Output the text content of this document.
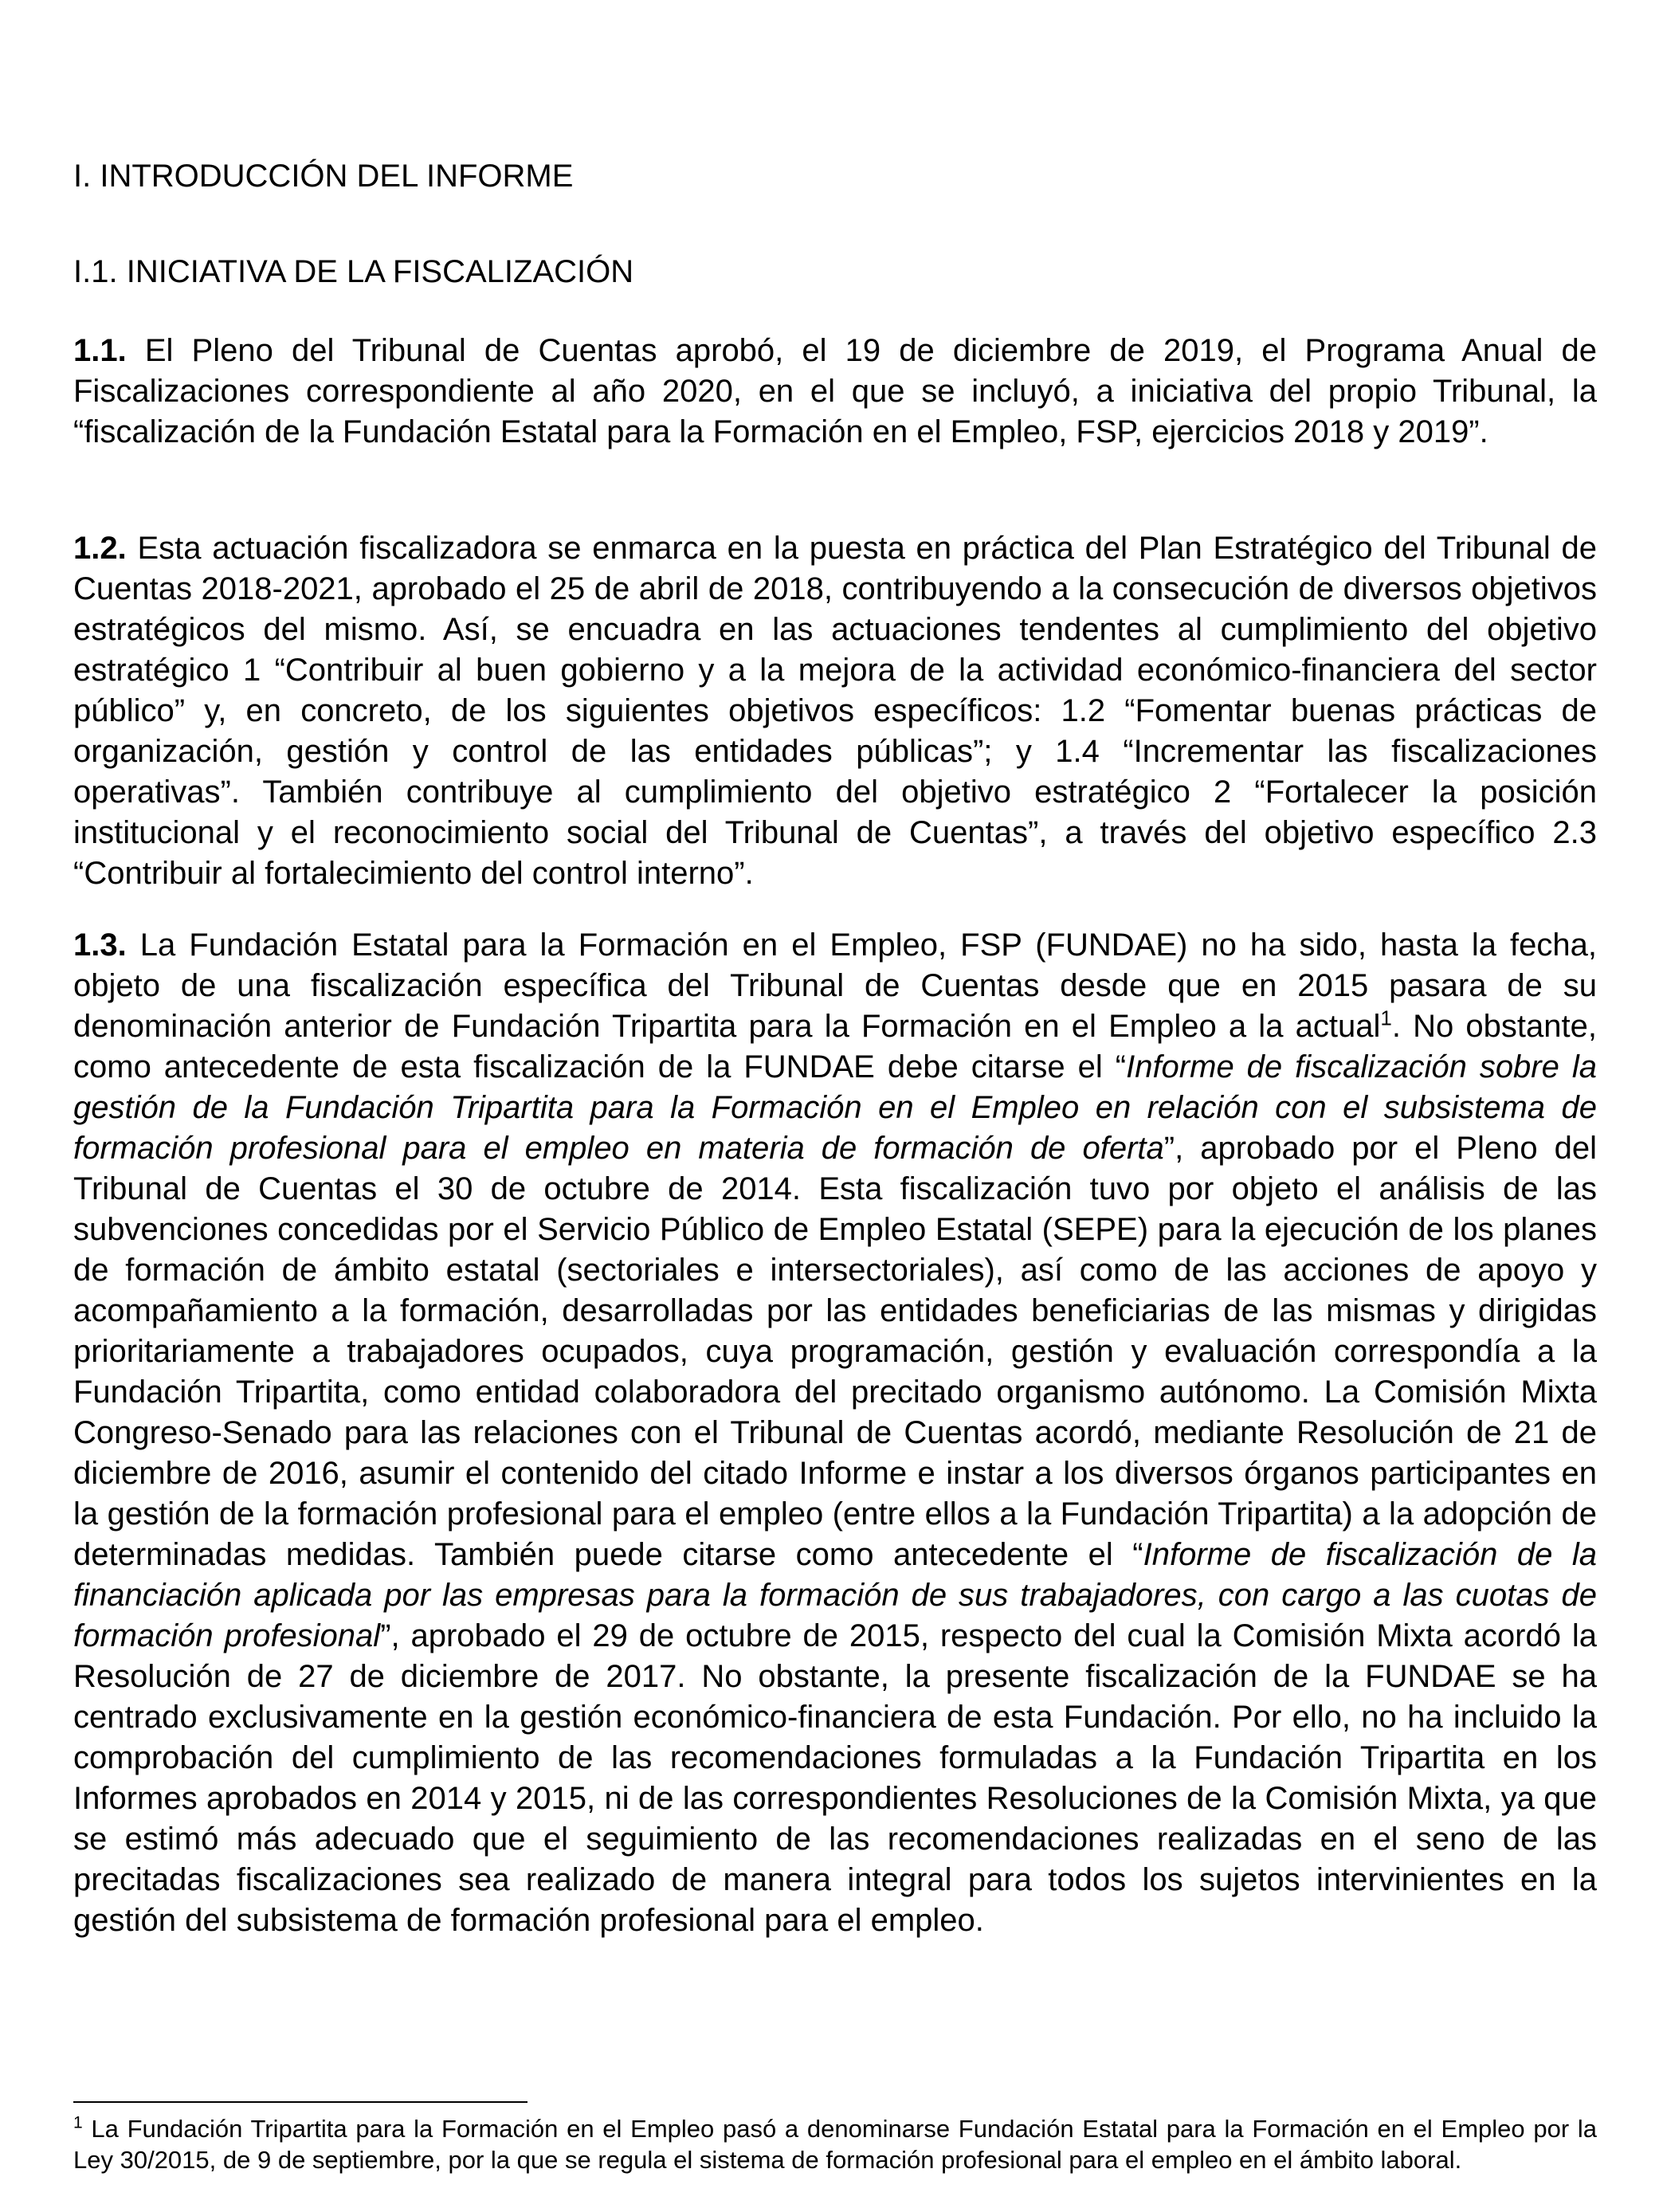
I. INTRODUCCIÓN DEL INFORME
I.1. INICIATIVA DE LA FISCALIZACIÓN

1.1. El Pleno del Tribunal de Cuentas aprobó, el 19 de diciembre de 2019, el Programa Anual de Fiscalizaciones correspondiente al año 2020, en el que se incluyó, a iniciativa del propio Tribunal, la “fiscalización de la Fundación Estatal para la Formación en el Empleo, FSP, ejercicios 2018 y 2019”.

1.2. Esta actuación fiscalizadora se enmarca en la puesta en práctica del Plan Estratégico del Tribunal de Cuentas 2018-2021, aprobado el 25 de abril de 2018, contribuyendo a la consecución de diversos objetivos estratégicos del mismo. Así, se encuadra en las actuaciones tendentes al cumplimiento del objetivo estratégico 1 “Contribuir al buen gobierno y a la mejora de la actividad económico-financiera del sector público” y, en concreto, de los siguientes objetivos específicos: 1.2 “Fomentar buenas prácticas de organización, gestión y control de las entidades públicas”; y 1.4 “Incrementar las fiscalizaciones operativas”. También contribuye al cumplimiento del objetivo estratégico 2 “Fortalecer la posición institucional y el reconocimiento social del Tribunal de Cuentas”, a través del objetivo específico 2.3 “Contribuir al fortalecimiento del control interno”.

1.3. La Fundación Estatal para la Formación en el Empleo, FSP (FUNDAE) no ha sido, hasta la fecha, objeto de una fiscalización específica del Tribunal de Cuentas desde que en 2015 pasara de su denominación anterior de Fundación Tripartita para la Formación en el Empleo a la actual$^1$. No obstante, como antecedente de esta fiscalización de la FUNDAE debe citarse el “Informe de fiscalización sobre la gestión de la Fundación Tripartita para la Formación en el Empleo en relación con el subsistema de formación profesional para el empleo en materia de formación de oferta”, aprobado por el Pleno del Tribunal de Cuentas el 30 de octubre de 2014. Esta fiscalización tuvo por objeto el análisis de las subvenciones concedidas por el Servicio Público de Empleo Estatal (SEPE) para la ejecución de los planes de formación de ámbito estatal (sectoriales e intersectoriales), así como de las acciones de apoyo y acompañamiento a la formación, desarrolladas por las entidades beneficiarias de las mismas y dirigidas prioritariamente a trabajadores ocupados, cuya programación, gestión y evaluación correspondía a la Fundación Tripartita, como entidad colaboradora del precitado organismo autónomo. La Comisión Mixta Congreso-Senado para las relaciones con el Tribunal de Cuentas acordó, mediante Resolución de 21 de diciembre de 2016, asumir el contenido del citado Informe e instar a los diversos órganos participantes en la gestión de la formación profesional para el empleo (entre ellos a la Fundación Tripartita) a la adopción de determinadas medidas. También puede citarse como antecedente el “Informe de fiscalización de la financiación aplicada por las empresas para la formación de sus trabajadores, con cargo a las cuotas de formación profesional”, aprobado el 29 de octubre de 2015, respecto del cual la Comisión Mixta acordó la Resolución de 27 de diciembre de 2017. No obstante, la presente fiscalización de la FUNDAE se ha centrado exclusivamente en la gestión económico-financiera de esta Fundación. Por ello, no ha incluido la comprobación del cumplimiento de las recomendaciones formuladas a la Fundación Tripartita en los Informes aprobados en 2014 y 2015, ni de las correspondientes Resoluciones de la Comisión Mixta, ya que se estimó más adecuado que el seguimiento de las recomendaciones realizadas en el seno de las precitadas fiscalizaciones sea realizado de manera integral para todos los sujetos intervinientes en la gestión del subsistema de formación profesional para el empleo.

$^1$ La Fundación Tripartita para la Formación en el Empleo pasó a denominarse Fundación Estatal para la Formación en el Empleo por la Ley 30/2015, de 9 de septiembre, por la que se regula el sistema de formación profesional para el empleo en el ámbito laboral.
